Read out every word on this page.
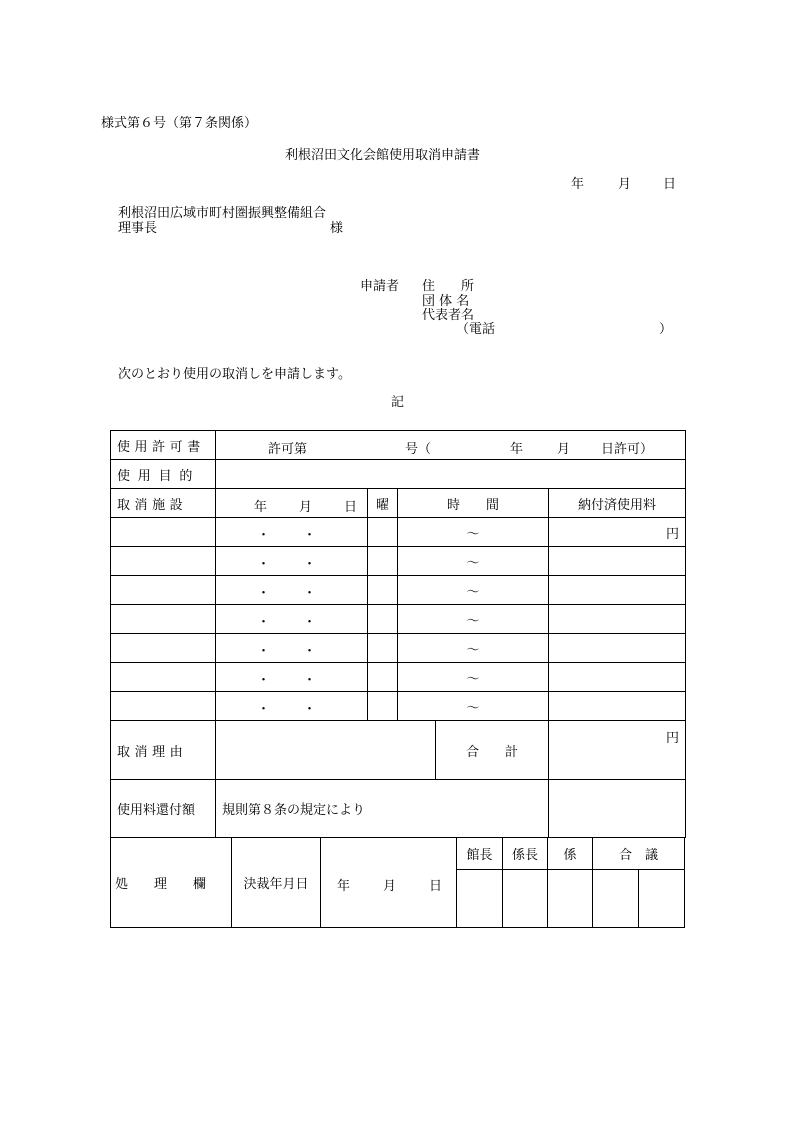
様式第６号（第７条関係）
利根沼田文化会館使用取消申請書
年	月 日
利根沼田広域市町村圏振興整備組合
理事長	様
申請者 住　　所
団 体 名
代表者名
（電話	）
次のとおり使用の取消しを申請します。
記
使用許可書	許可第 号（ 年 月 日許可）				

使用目的					
取消施設	年 月 日	曜	時　　間		納付済使用料

	・ ・		～		円

	・ ・		～		

	・ ・		～		

	・ ・		～		

	・ ・		～		

	・ ・		～		

	・ ・		～		
取消理由				合　　計	円
使用料還付額	規則第８条の規定により				
処　　理　　欄	決裁年月日	年 月 日	館長	係長	係	合　議	
